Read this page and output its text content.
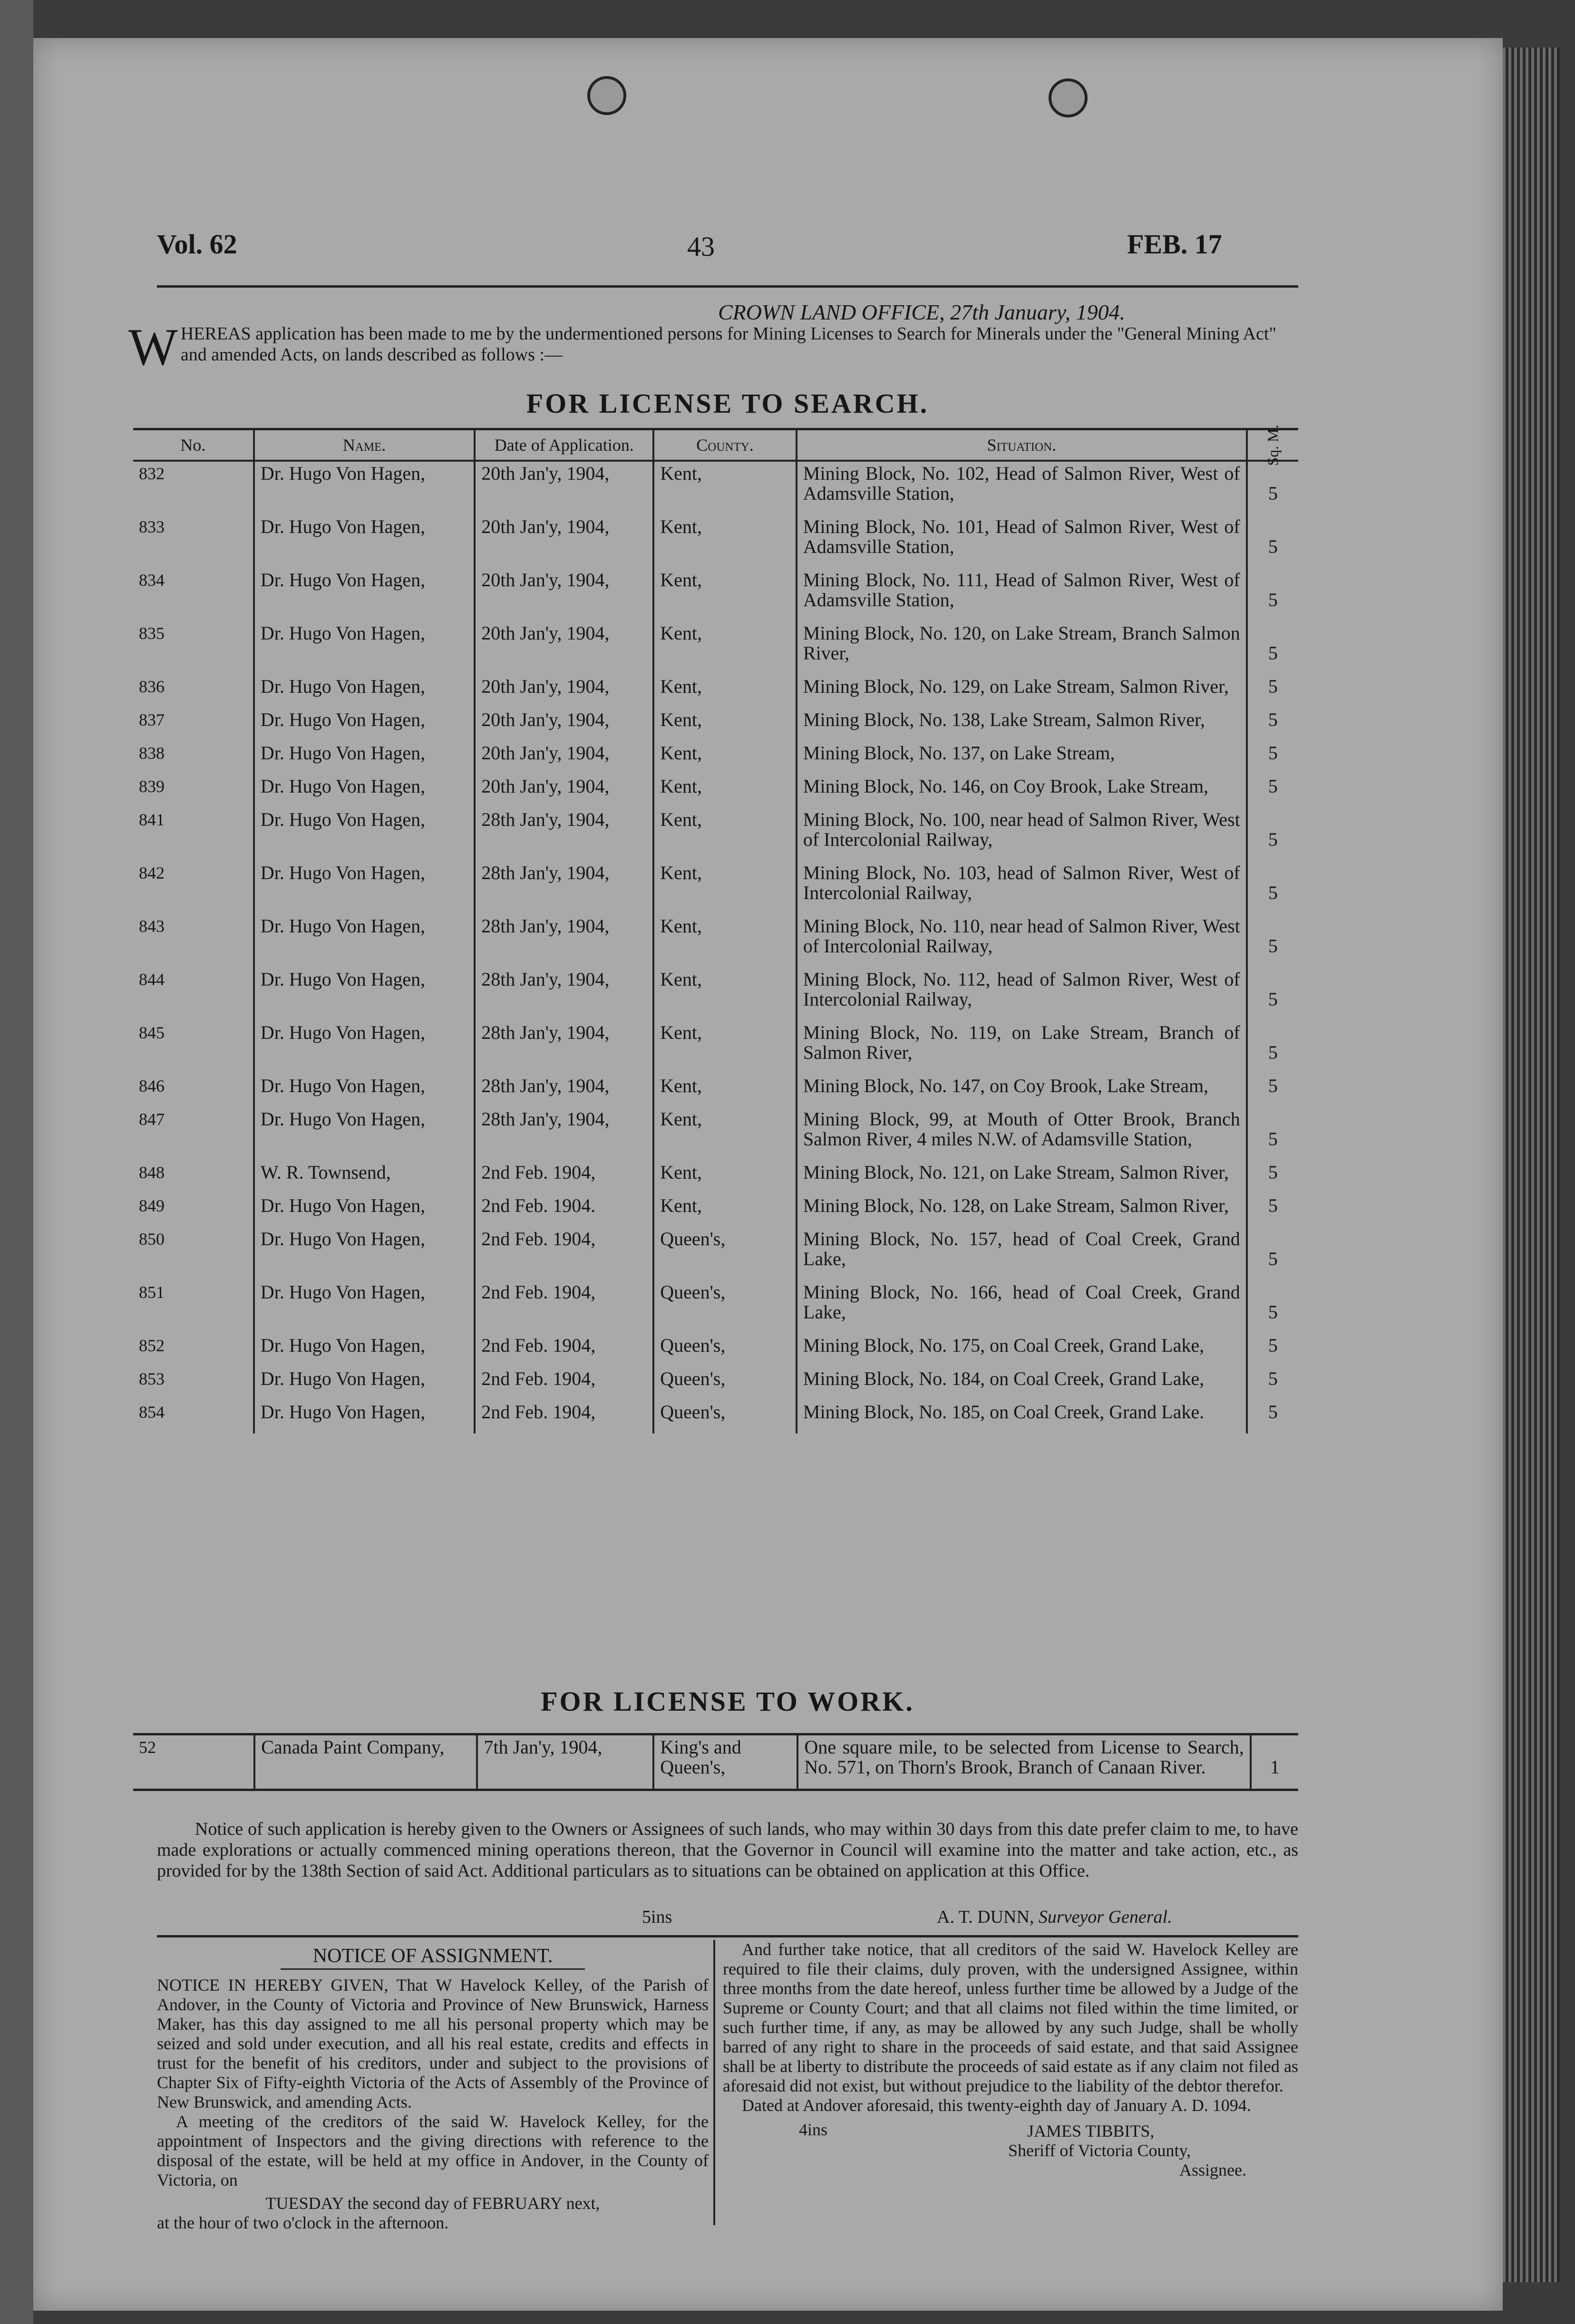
Vol. 62	43	FEB. 17
CROWN LAND OFFICE, 27th January, 1904.
W HEREAS application has been made to me by the undermentioned persons for Mining Licenses to Search for Minerals under the "General Mining Act" and amended Acts, on lands described as follows :—
FOR LICENSE TO SEARCH.
No.	Name.	Date of Application.	County.	Situation.	Sq. M.
832	Dr. Hugo Von Hagen,	20th Jan'y, 1904,	Kent,	Mining Block, No. 102, Head of Salmon River, West of Adamsville Station,	5
833	Dr. Hugo Von Hagen,	20th Jan'y, 1904,	Kent,	Mining Block, No. 101, Head of Salmon River, West of Adamsville Station,	5
834	Dr. Hugo Von Hagen,	20th Jan'y, 1904,	Kent,	Mining Block, No. 111, Head of Salmon River, West of Adamsville Station,	5
835	Dr. Hugo Von Hagen,	20th Jan'y, 1904,	Kent,	Mining Block, No. 120, on Lake Stream, Branch Salmon River,	5
836	Dr. Hugo Von Hagen,	20th Jan'y, 1904,	Kent,	Mining Block, No. 129, on Lake Stream, Salmon River,	5
837	Dr. Hugo Von Hagen,	20th Jan'y, 1904,	Kent,	Mining Block, No. 138, Lake Stream, Salmon River,	5
838	Dr. Hugo Von Hagen,	20th Jan'y, 1904,	Kent,	Mining Block, No. 137, on Lake Stream,	5
839	Dr. Hugo Von Hagen,	20th Jan'y, 1904,	Kent,	Mining Block, No. 146, on Coy Brook, Lake Stream,	5
841	Dr. Hugo Von Hagen,	28th Jan'y, 1904,	Kent,	Mining Block, No. 100, near head of Salmon River, West of Intercolonial Railway,	5
842	Dr. Hugo Von Hagen,	28th Jan'y, 1904,	Kent,	Mining Block, No. 103, head of Salmon River, West of Intercolonial Railway,	5
843	Dr. Hugo Von Hagen,	28th Jan'y, 1904,	Kent,	Mining Block, No. 110, near head of Salmon River, West of Intercolonial Railway,	5
844	Dr. Hugo Von Hagen,	28th Jan'y, 1904,	Kent,	Mining Block, No. 112, head of Salmon River, West of Intercolonial Railway,	5
845	Dr. Hugo Von Hagen,	28th Jan'y, 1904,	Kent,	Mining Block, No. 119, on Lake Stream, Branch of Salmon River,	5
846	Dr. Hugo Von Hagen,	28th Jan'y, 1904,	Kent,	Mining Block, No. 147, on Coy Brook, Lake Stream,	5
847	Dr. Hugo Von Hagen,	28th Jan'y, 1904,	Kent,	Mining Block, 99, at Mouth of Otter Brook, Branch Salmon River, 4 miles N.W. of Adamsville Station,	5
848	W. R. Townsend,	2nd Feb. 1904,	Kent,	Mining Block, No. 121, on Lake Stream, Salmon River,	5
849	Dr. Hugo Von Hagen,	2nd Feb. 1904.	Kent,	Mining Block, No. 128, on Lake Stream, Salmon River,	5
850	Dr. Hugo Von Hagen,	2nd Feb. 1904,	Queen's,	Mining Block, No. 157, head of Coal Creek, Grand Lake,	5
851	Dr. Hugo Von Hagen,	2nd Feb. 1904,	Queen's,	Mining Block, No. 166, head of Coal Creek, Grand Lake,	5
852	Dr. Hugo Von Hagen,	2nd Feb. 1904,	Queen's,	Mining Block, No. 175, on Coal Creek, Grand Lake,	5
853	Dr. Hugo Von Hagen,	2nd Feb. 1904,	Queen's,	Mining Block, No. 184, on Coal Creek, Grand Lake,	5
854	Dr. Hugo Von Hagen,	2nd Feb. 1904,	Queen's,	Mining Block, No. 185, on Coal Creek, Grand Lake.	5
FOR LICENSE TO WORK.
52	Canada Paint Company,	7th Jan'y, 1904,	King's and Queen's,	One square mile, to be selected from License to Search, No. 571, on Thorn's Brook, Branch of Canaan River.	1
Notice of such application is hereby given to the Owners or Assignees of such lands, who may within 30 days from this date prefer claim to me, to have made explorations or actually commenced mining operations thereon, that the Governor in Council will examine into the matter and take action, etc., as provided for by the 138th Section of said Act. Additional particulars as to situations can be obtained on application at this Office.
5ins	A. T. DUNN, Surveyor General.
NOTICE OF ASSIGNMENT.
NOTICE IN HEREBY GIVEN, That W Havelock Kelley, of the Parish of Andover, in the County of Victoria and Province of New Brunswick, Harness Maker, has this day assigned to me all his personal property which may be seized and sold under execution, and all his real estate, credits and effects in trust for the benefit of his creditors, under and subject to the provisions of Chapter Six of Fifty-eighth Victoria of the Acts of Assembly of the Province of New Brunswick, and amending Acts.
A meeting of the creditors of the said W. Havelock Kelley, for the appointment of Inspectors and the giving directions with reference to the disposal of the estate, will be held at my office in Andover, in the County of Victoria, on
TUESDAY the second day of FEBRUARY next,
at the hour of two o'clock in the afternoon.
And further take notice, that all creditors of the said W. Havelock Kelley are required to file their claims, duly proven, with the undersigned Assignee, within three months from the date hereof, unless further time be allowed by a Judge of the Supreme or County Court; and that all claims not filed within the time limited, or such further time, if any, as may be allowed by any such Judge, shall be wholly barred of any right to share in the proceeds of said estate, and that said Assignee shall be at liberty to distribute the proceeds of said estate as if any claim not filed as aforesaid did not exist, but without prejudice to the liability of the debtor therefor.
Dated at Andover aforesaid, this twenty-eighth day of January A. D. 1094.
4ins	JAMES TIBBITS,
Sheriff of Victoria County,
Assignee.
